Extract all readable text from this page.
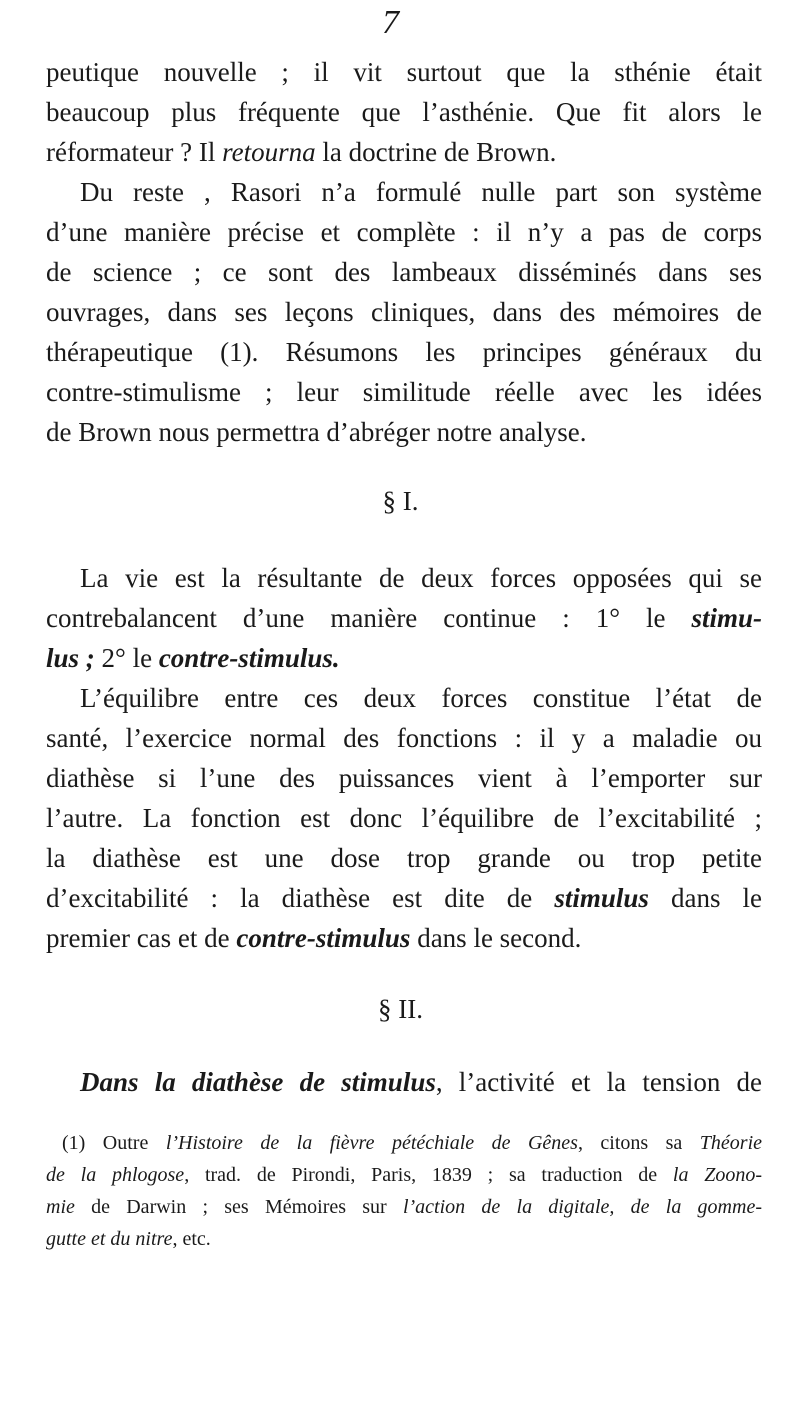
7
peutique nouvelle ; il vit surtout que la sthénie était
beaucoup plus fréquente que l’asthénie. Que fit alors le
réformateur ? Il retourna la doctrine de Brown.
Du reste , Rasori n’a formulé nulle part son système
d’une manière précise et complète : il n’y a pas de corps
de science ; ce sont des lambeaux disséminés dans ses
ouvrages, dans ses leçons cliniques, dans des mémoires de
thérapeutique (1). Résumons les principes généraux du
contre-stimulisme ; leur similitude réelle avec les idées
de Brown nous permettra d’abréger notre analyse.
§ I.
La vie est la résultante de deux forces opposées qui se
contrebalancent d’une manière continue : 1° le stimu-
lus ; 2° le contre-stimulus.
L’équilibre entre ces deux forces constitue l’état de
santé, l’exercice normal des fonctions : il y a maladie ou
diathèse si l’une des puissances vient à l’emporter sur
l’autre. La fonction est donc l’équilibre de l’excitabilité ;
la diathèse est une dose trop grande ou trop petite
d’excitabilité : la diathèse est dite de stimulus dans le
premier cas et de contre-stimulus dans le second.
§ II.
Dans la diathèse de stimulus, l’activité et la tension de
(1) Outre l’Histoire de la fièvre pétéchiale de Gênes, citons sa Théorie
de la phlogose, trad. de Pirondi, Paris, 1839 ; sa traduction de la Zoono-
mie de Darwin ; ses Mémoires sur l’action de la digitale, de la gomme-
gutte et du nitre, etc.
